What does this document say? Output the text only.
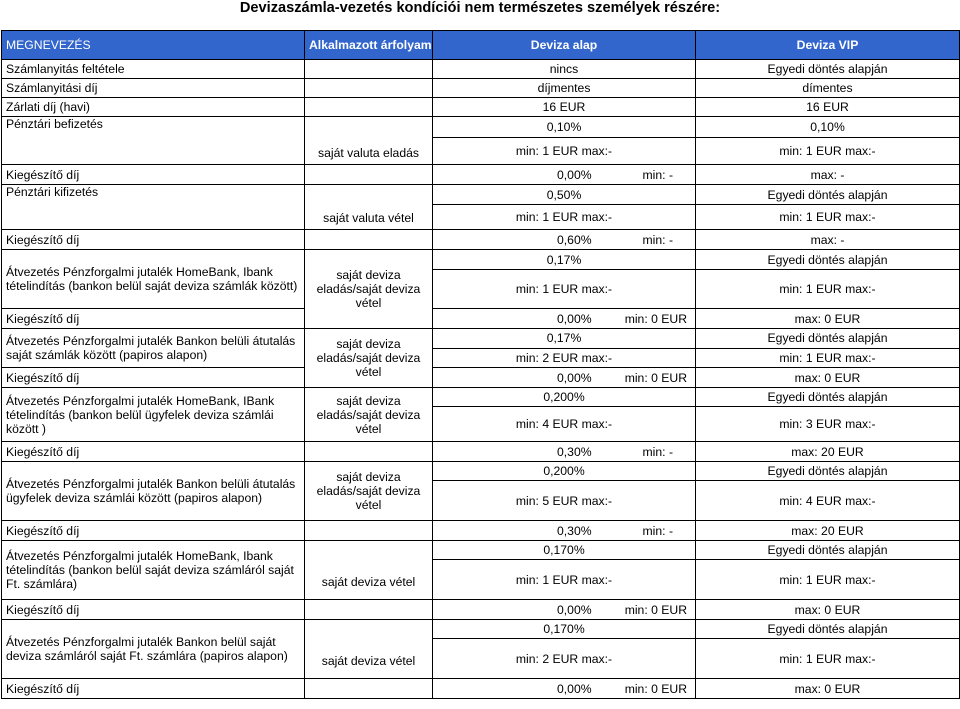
Devizaszámla-vezetés kondíciói nem természetes személyek részére:
MEGNEVEZÉS	Alkalmazott árfolyam	Deviza alap	Deviza VIP
Számlanyitás feltétele		nincs	Egyedi döntés alapján
Számlanyitási díj		díjmentes	dímentes
Zárlati díj (havi)		16 EUR	16 EUR
Pénztári befizetés	saját valuta eladás	0,10%	0,10%
		min: 1 EUR max:-	min: 1 EUR max:-
Kiegészítő díj		0,00% min: -	max: -
Pénztári kifizetés	saját valuta vétel	0,50%	Egyedi döntés alapján
		min: 1 EUR max:-	min: 1 EUR max:-
Kiegészítő díj		0,60% min: -	max: -
Átvezetés Pénzforgalmi jutalék HomeBank, Ibank tételindítás (bankon belül saját deviza számlák között)	saját deviza eladás/saját deviza vétel	0,17%	Egyedi döntés alapján
		min: 1 EUR max:-	min: 1 EUR max:-
Kiegészítő díj		0,00% min: 0 EUR	max: 0 EUR
Átvezetés Pénzforgalmi jutalék Bankon belüli átutalás saját számlák között (papiros alapon)	saját deviza eladás/saját deviza vétel	0,17%	Egyedi döntés alapján
		min: 2 EUR max:-	min: 1 EUR max:-
Kiegészítő díj		0,00% min: 0 EUR	max: 0 EUR
Átvezetés Pénzforgalmi jutalék HomeBank, IBank tételindítás (bankon belül ügyfelek deviza számlái között )	saját deviza eladás/saját deviza vétel	0,200%	Egyedi döntés alapján
		min: 4 EUR max:-	min: 3 EUR max:-
Kiegészítő díj		0,30% min: -	max: 20 EUR
Átvezetés Pénzforgalmi jutalék Bankon belüli átutalás ügyfelek deviza számlái között (papiros alapon)	saját deviza eladás/saját deviza vétel	0,200%	Egyedi döntés alapján
		min: 5 EUR max:-	min: 4 EUR max:-
Kiegészítő díj		0,30% min: -	max: 20 EUR
Átvezetés Pénzforgalmi jutalék HomeBank, Ibank tételindítás (bankon belül saját deviza számláról saját Ft. számlára)	saját deviza vétel	0,170%	Egyedi döntés alapján
		min: 1 EUR max:-	min: 1 EUR max:-
Kiegészítő díj		0,00% min: 0 EUR	max: 0 EUR
Átvezetés Pénzforgalmi jutalék Bankon belül saját deviza számláról saját Ft. számlára (papiros alapon)	saját deviza vétel	0,170%	Egyedi döntés alapján
		min: 2 EUR max:-	min: 1 EUR max:-
Kiegészítő díj		0,00% min: 0 EUR	max: 0 EUR
